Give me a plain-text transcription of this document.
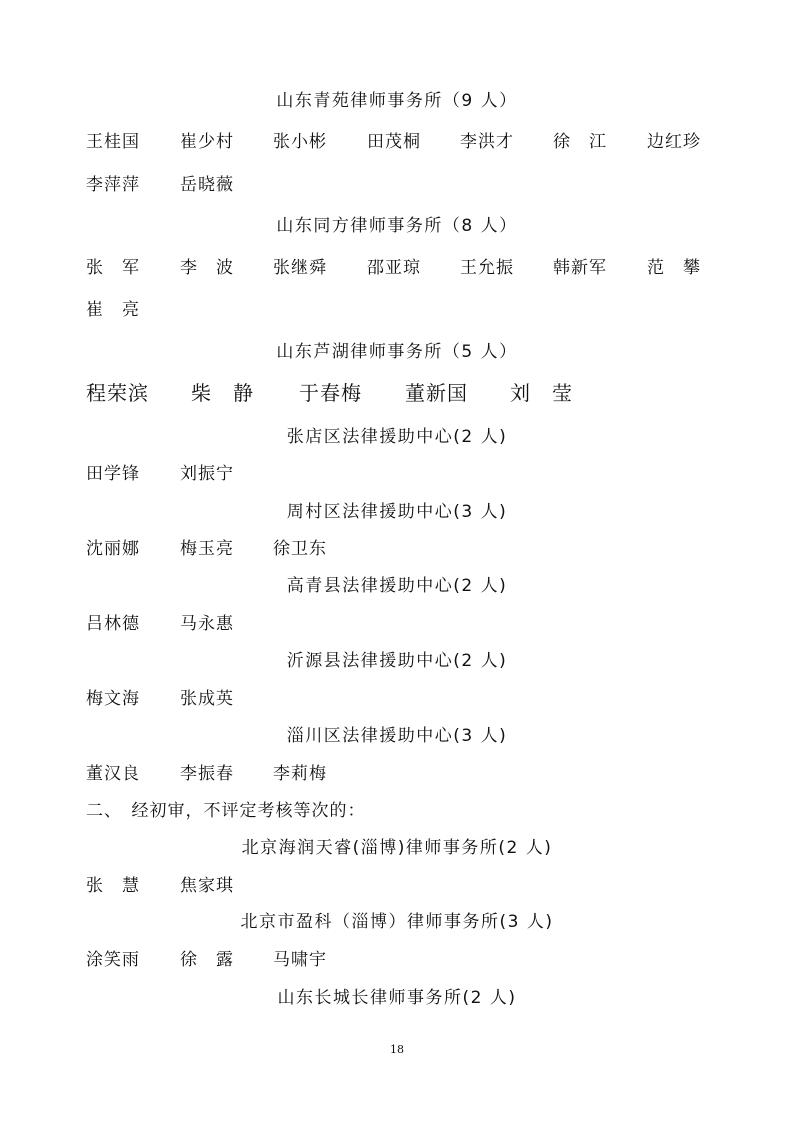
山东青苑律师事务所（9 人）
王桂国 崔少村 张小彬 田茂桐 李洪才 徐　江 边红珍
李萍萍 岳晓薇
山东同方律师事务所（8 人）
张　军 李　波 张继舜 邵亚琼 王允振 韩新军 范　攀
崔　亮
山东芦湖律师事务所（5 人）
程荣滨 柴　静 于春梅 董新国 刘　莹
张店区法律援助中心(2 人)
田学锋 刘振宁
周村区法律援助中心(3 人)
沈丽娜 梅玉亮 徐卫东
高青县法律援助中心(2 人)
吕林德 马永惠
沂源县法律援助中心(2 人)
梅文海 张成英
淄川区法律援助中心(3 人)
董汉良 李振春 李莉梅
二、　经初审，不评定考核等次的：
北京海润天睿(淄博)律师事务所(2 人)
张　慧 焦家琪
北京市盈科（淄博）律师事务所(3 人)
涂笑雨 徐　露 马啸宇
山东长城长律师事务所(2 人)
18
